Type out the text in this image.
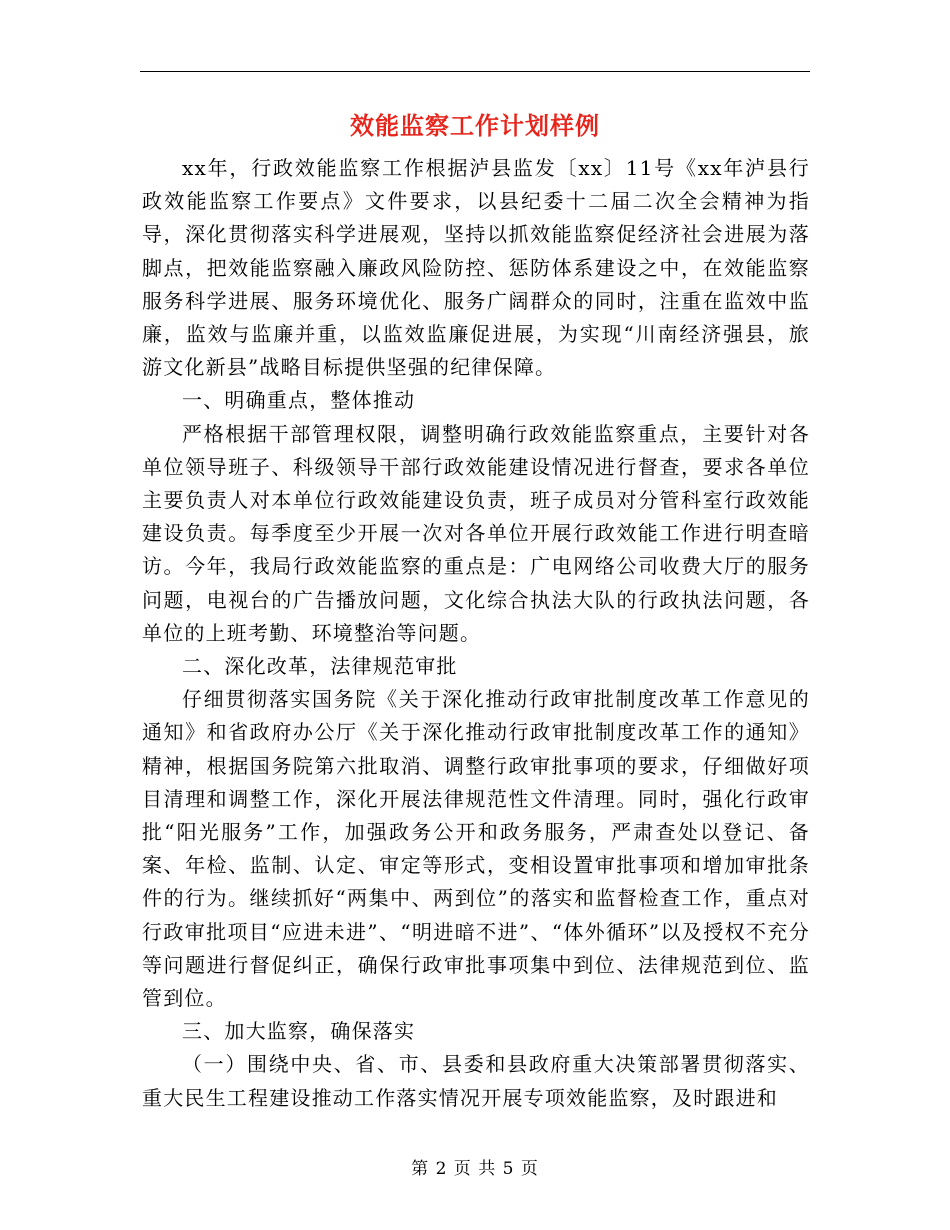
效能监察工作计划样例

xx年，行政效能监察工作根据泸县监发〔xx〕11号《xx年泸县行政效能监察工作要点》文件要求，以县纪委十二届二次全会精神为指导，深化贯彻落实科学进展观，坚持以抓效能监察促经济社会进展为落脚点，把效能监察融入廉政风险防控、惩防体系建设之中，在效能监察服务科学进展、服务环境优化、服务广阔群众的同时，注重在监效中监廉，监效与监廉并重，以监效监廉促进展，为实现“川南经济强县，旅游文化新县”战略目标提供坚强的纪律保障。

一、明确重点，整体推动

严格根据干部管理权限，调整明确行政效能监察重点，主要针对各单位领导班子、科级领导干部行政效能建设情况进行督查，要求各单位主要负责人对本单位行政效能建设负责，班子成员对分管科室行政效能建设负责。每季度至少开展一次对各单位开展行政效能工作进行明查暗访。今年，我局行政效能监察的重点是：广电网络公司收费大厅的服务问题，电视台的广告播放问题，文化综合执法大队的行政执法问题，各单位的上班考勤、环境整治等问题。

二、深化改革，法律规范审批

仔细贯彻落实国务院《关于深化推动行政审批制度改革工作意见的通知》和省政府办公厅《关于深化推动行政审批制度改革工作的通知》精神，根据国务院第六批取消、调整行政审批事项的要求，仔细做好项目清理和调整工作，深化开展法律规范性文件清理。同时，强化行政审批“阳光服务”工作，加强政务公开和政务服务，严肃查处以登记、备案、年检、监制、认定、审定等形式，变相设置审批事项和增加审批条件的行为。继续抓好“两集中、两到位”的落实和监督检查工作，重点对行政审批项目“应进未进”、“明进暗不进”、“体外循环”以及授权不充分等问题进行督促纠正，确保行政审批事项集中到位、法律规范到位、监管到位。

三、加大监察，确保落实

（一）围绕中央、省、市、县委和县政府重大决策部署贯彻落实、重大民生工程建设推动工作落实情况开展专项效能监察，及时跟进和

第 2 页 共 5 页
